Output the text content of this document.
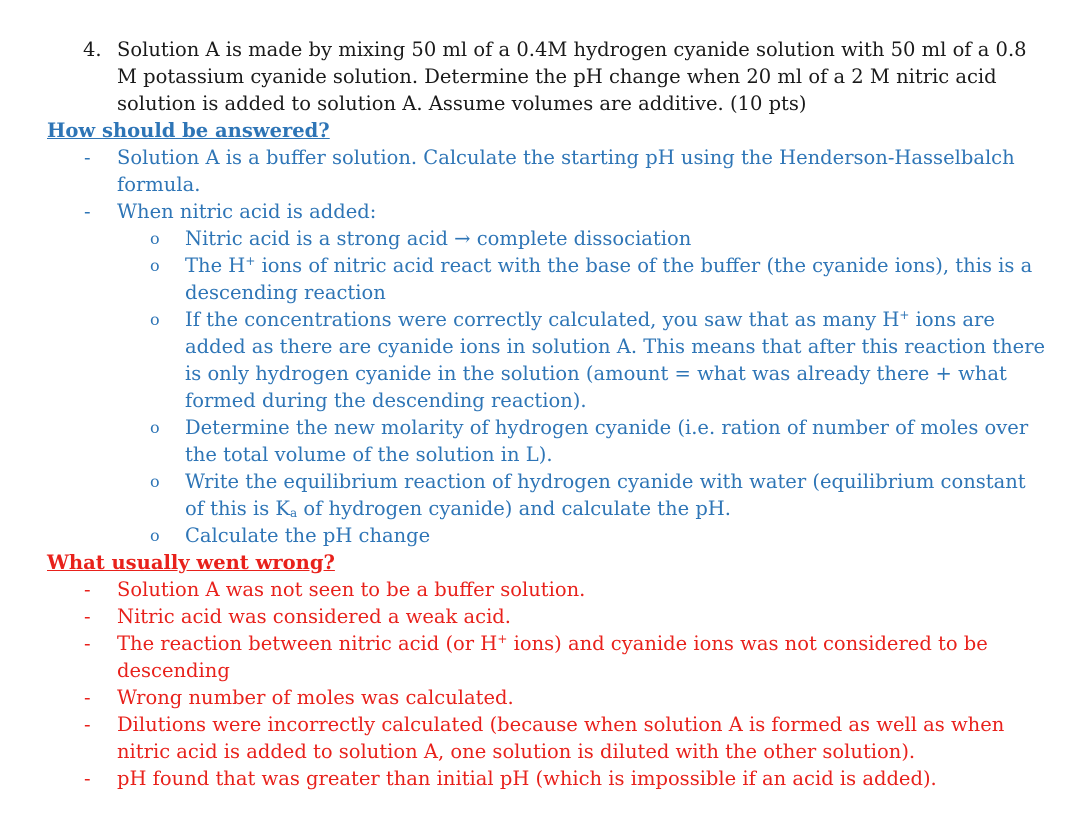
4. Solution A is made by mixing 50 ml of a 0.4M hydrogen cyanide solution with 50 ml of a 0.8 M potassium cyanide solution. Determine the pH change when 20 ml of a 2 M nitric acid solution is added to solution A. Assume volumes are additive. (10 pts)
How should be answered?
- Solution A is a buffer solution. Calculate the starting pH using the Henderson-Hasselbalch formula.
- When nitric acid is added:
o Nitric acid is a strong acid → complete dissociation
o The H+ ions of nitric acid react with the base of the buffer (the cyanide ions), this is a descending reaction
o If the concentrations were correctly calculated, you saw that as many H+ ions are added as there are cyanide ions in solution A. This means that after this reaction there is only hydrogen cyanide in the solution (amount = what was already there + what formed during the descending reaction).
o Determine the new molarity of hydrogen cyanide (i.e. ration of number of moles over the total volume of the solution in L).
o Write the equilibrium reaction of hydrogen cyanide with water (equilibrium constant of this is $K_a$ of hydrogen cyanide) and calculate the pH.
o Calculate the pH change
What usually went wrong?
- Solution A was not seen to be a buffer solution.
- Nitric acid was considered a weak acid.
- The reaction between nitric acid (or H+ ions) and cyanide ions was not considered to be descending
- Wrong number of moles was calculated.
- Dilutions were incorrectly calculated (because when solution A is formed as well as when nitric acid is added to solution A, one solution is diluted with the other solution).
- pH found that was greater than initial pH (which is impossible if an acid is added).
